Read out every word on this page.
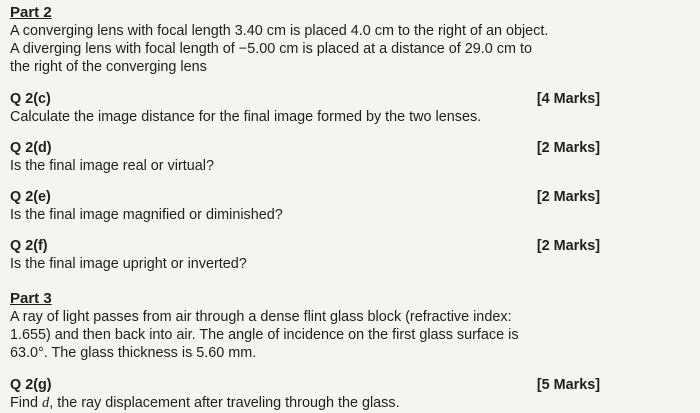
Part 2
A converging lens with focal length 3.40 cm is placed 4.0 cm to the right of an object.
A diverging lens with focal length of −5.00 cm is placed at a distance of 29.0 cm to
the right of the converging lens
Q 2(c)	[4 Marks]
Calculate the image distance for the final image formed by the two lenses.
Q 2(d)	[2 Marks]
Is the final image real or virtual?
Q 2(e)	[2 Marks]
Is the final image magnified or diminished?
Q 2(f)	[2 Marks]
Is the final image upright or inverted?
Part 3
A ray of light passes from air through a dense flint glass block (refractive index:
1.655) and then back into air. The angle of incidence on the first glass surface is
63.0°. The glass thickness is 5.60 mm.
Q 2(g)	[5 Marks]
Find d, the ray displacement after traveling through the glass.
